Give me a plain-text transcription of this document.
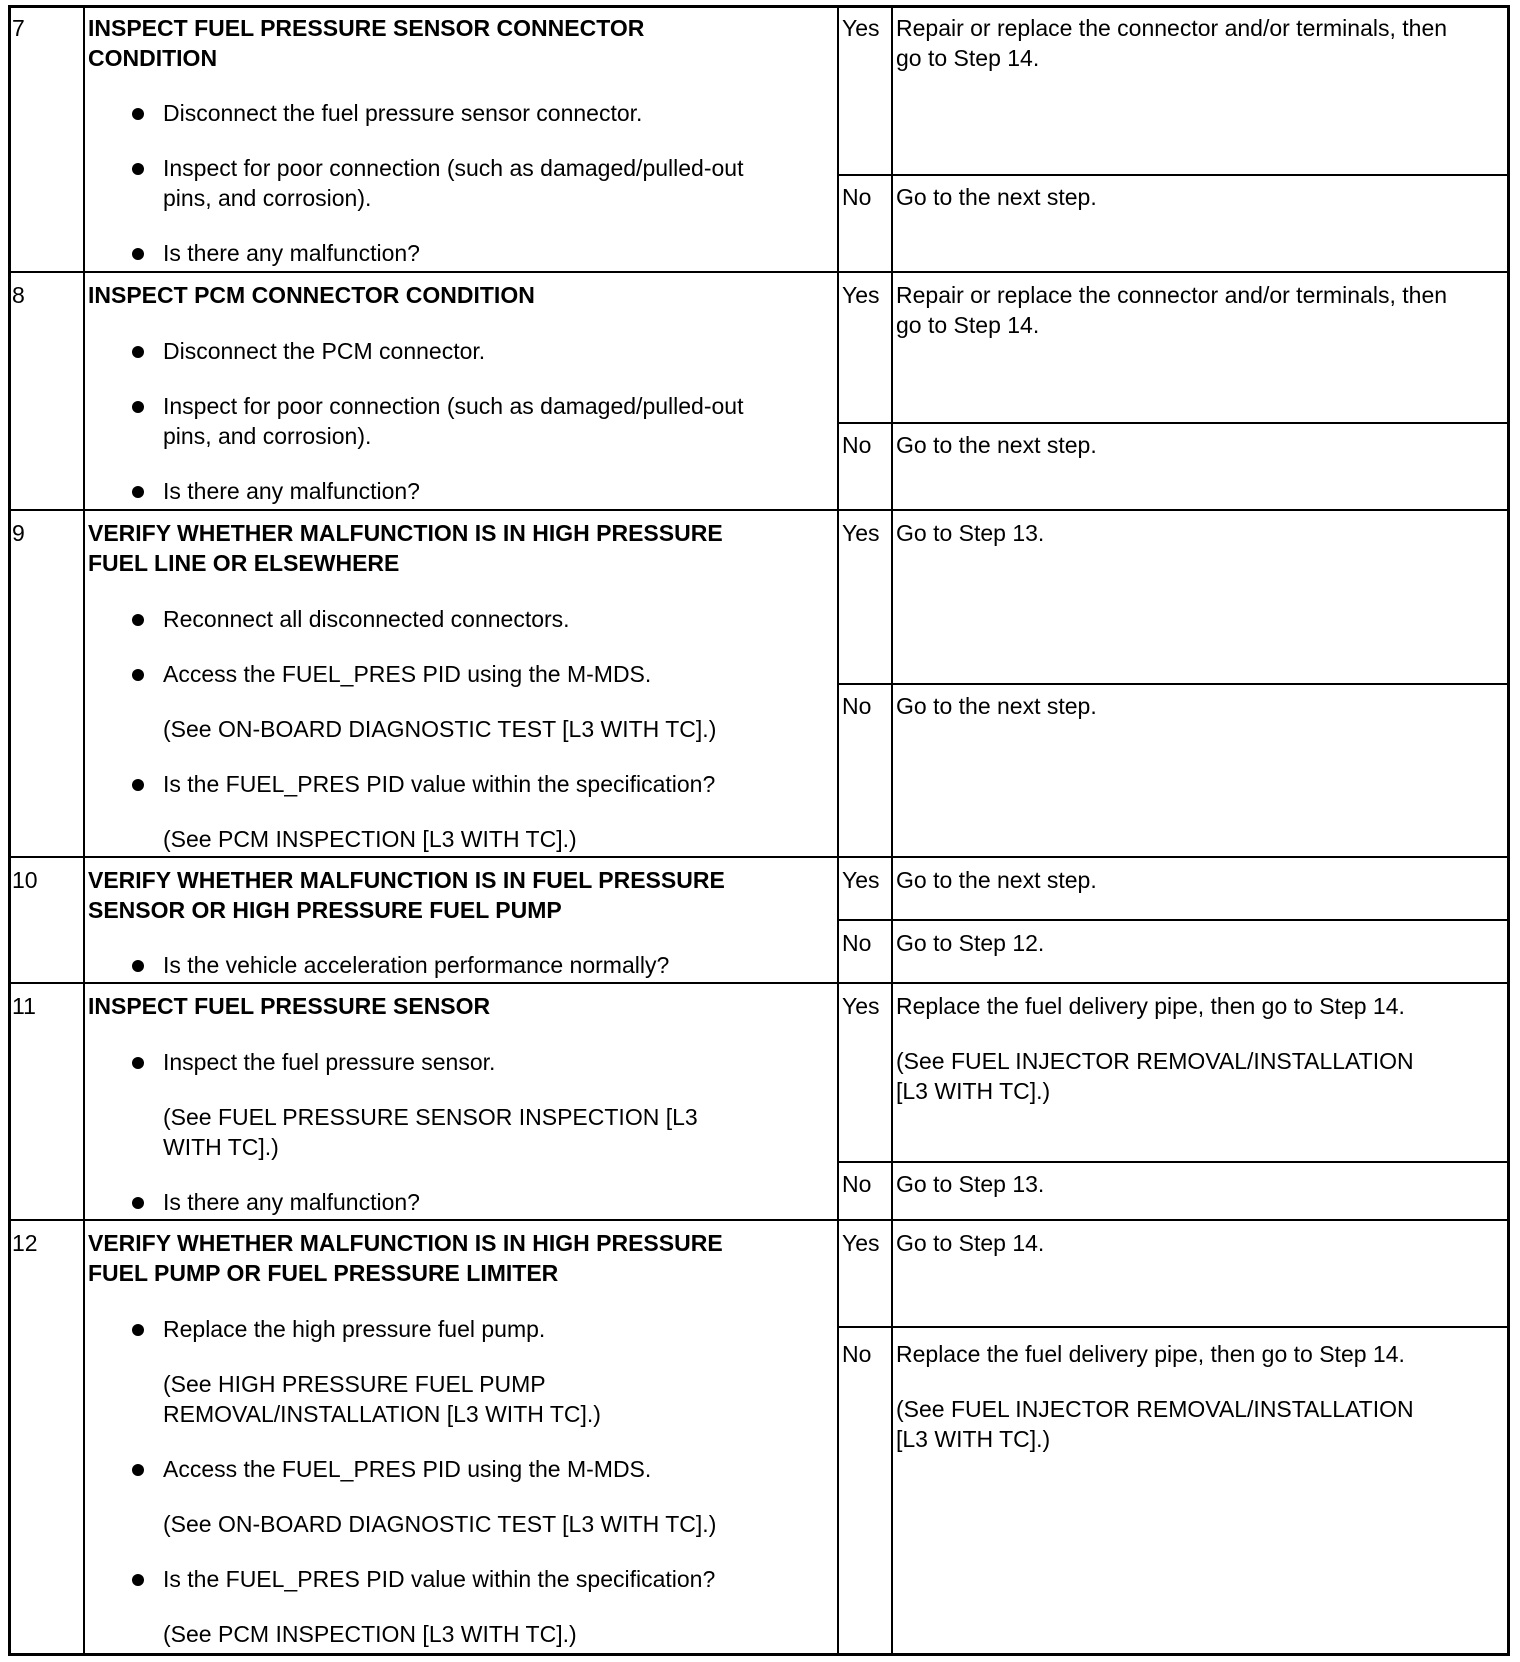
7	INSPECT FUEL PRESSURE SENSOR CONNECTOR
CONDITION
Disconnect the fuel pressure sensor connector.
Inspect for poor connection (such as damaged/pulled-out
pins, and corrosion).
Is there any malfunction?
Yes Repair or replace the connector and/or terminals, then
go to Step 14.
No Go to the next step.
8	INSPECT PCM CONNECTOR CONDITION
Disconnect the PCM connector.
Inspect for poor connection (such as damaged/pulled-out
pins, and corrosion).
Is there any malfunction?
Yes Repair or replace the connector and/or terminals, then
go to Step 14.
No Go to the next step.
9	VERIFY WHETHER MALFUNCTION IS IN HIGH PRESSURE
FUEL LINE OR ELSEWHERE
Reconnect all disconnected connectors.
Access the FUEL_PRES PID using the M-MDS.
(See ON-BOARD DIAGNOSTIC TEST [L3 WITH TC].)
Is the FUEL_PRES PID value within the specification?
(See PCM INSPECTION [L3 WITH TC].)
Yes Go to Step 13.
No Go to the next step.
10 VERIFY WHETHER MALFUNCTION IS IN FUEL PRESSURE
SENSOR OR HIGH PRESSURE FUEL PUMP
Is the vehicle acceleration performance normally?
Yes Go to the next step.
No Go to Step 12.
11 INSPECT FUEL PRESSURE SENSOR
Inspect the fuel pressure sensor.
(See FUEL PRESSURE SENSOR INSPECTION [L3
WITH TC].)
Is there any malfunction?
Yes Replace the fuel delivery pipe, then go to Step 14.
(See FUEL INJECTOR REMOVAL/INSTALLATION
[L3 WITH TC].)
No Go to Step 13.
12 VERIFY WHETHER MALFUNCTION IS IN HIGH PRESSURE
FUEL PUMP OR FUEL PRESSURE LIMITER
Replace the high pressure fuel pump.
(See HIGH PRESSURE FUEL PUMP
REMOVAL/INSTALLATION [L3 WITH TC].)
Access the FUEL_PRES PID using the M-MDS.
(See ON-BOARD DIAGNOSTIC TEST [L3 WITH TC].)
Is the FUEL_PRES PID value within the specification?
(See PCM INSPECTION [L3 WITH TC].)
Yes Go to Step 14.
No Replace the fuel delivery pipe, then go to Step 14.
(See FUEL INJECTOR REMOVAL/INSTALLATION
[L3 WITH TC].)
